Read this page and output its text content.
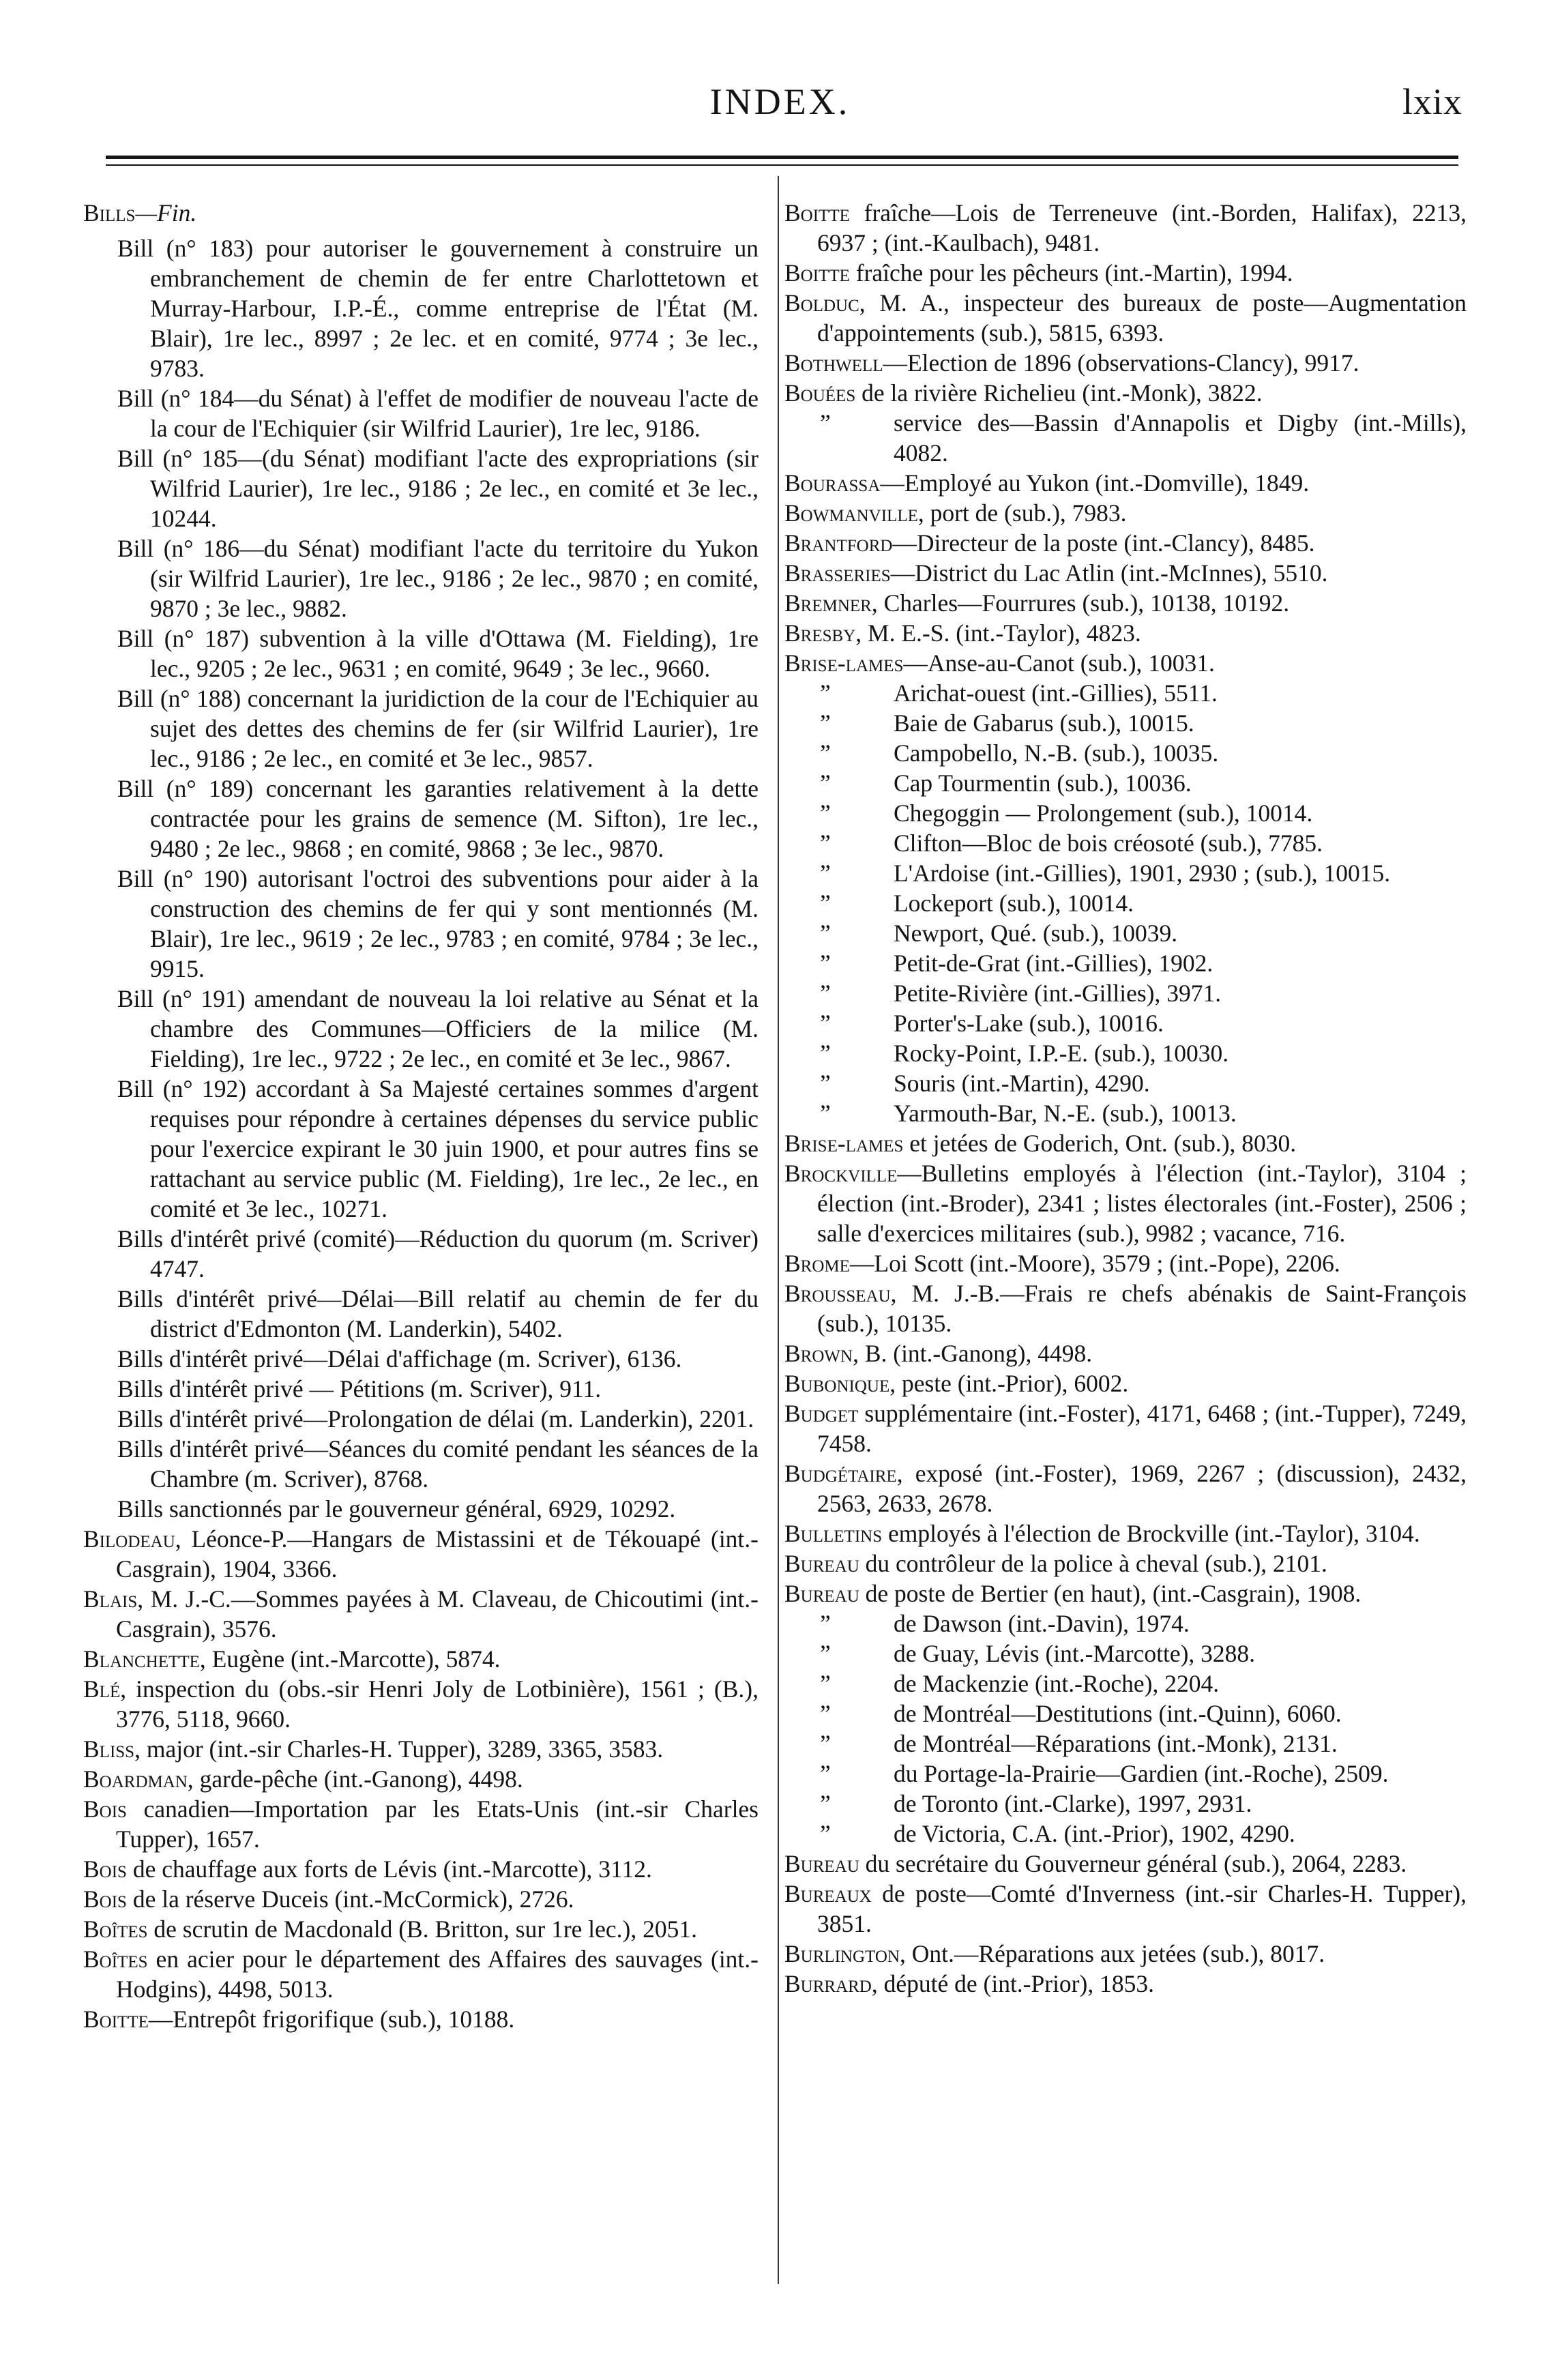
INDEX.	lxix
Bills—Fin.
Bill (n° 183) pour autoriser le gouvernement à construire un embranchement de chemin de fer entre Charlottetown et Murray-Harbour, I.P.-É., comme entreprise de l'État (M. Blair), 1re lec., 8997 ; 2e lec. et en comité, 9774 ; 3e lec., 9783.
Bill (n° 184—du Sénat) à l'effet de modifier de nouveau l'acte de la cour de l'Echiquier (sir Wilfrid Laurier), 1re lec, 9186.
Bill (n° 185—(du Sénat) modifiant l'acte des expropriations (sir Wilfrid Laurier), 1re lec., 9186 ; 2e lec., en comité et 3e lec., 10244.
Bill (n° 186—du Sénat) modifiant l'acte du territoire du Yukon (sir Wilfrid Laurier), 1re lec., 9186 ; 2e lec., 9870 ; en comité, 9870 ; 3e lec., 9882.
Bill (n° 187) subvention à la ville d'Ottawa (M. Fielding), 1re lec., 9205 ; 2e lec., 9631 ; en comité, 9649 ; 3e lec., 9660.
Bill (n° 188) concernant la juridiction de la cour de l'Echiquier au sujet des dettes des chemins de fer (sir Wilfrid Laurier), 1re lec., 9186 ; 2e lec., en comité et 3e lec., 9857.
Bill (n° 189) concernant les garanties relativement à la dette contractée pour les grains de semence (M. Sifton), 1re lec., 9480 ; 2e lec., 9868 ; en comité, 9868 ; 3e lec., 9870.
Bill (n° 190) autorisant l'octroi des subventions pour aider à la construction des chemins de fer qui y sont mentionnés (M. Blair), 1re lec., 9619 ; 2e lec., 9783 ; en comité, 9784 ; 3e lec., 9915.
Bill (n° 191) amendant de nouveau la loi relative au Sénat et la chambre des Communes—Officiers de la milice (M. Fielding), 1re lec., 9722 ; 2e lec., en comité et 3e lec., 9867.
Bill (n° 192) accordant à Sa Majesté certaines sommes d'argent requises pour répondre à certaines dépenses du service public pour l'exercice expirant le 30 juin 1900, et pour autres fins se rattachant au service public (M. Fielding), 1re lec., 2e lec., en comité et 3e lec., 10271.
Bills d'intérêt privé (comité)—Réduction du quorum (m. Scriver) 4747.
Bills d'intérêt privé—Délai—Bill relatif au chemin de fer du district d'Edmonton (M. Landerkin), 5402.
Bills d'intérêt privé—Délai d'affichage (m. Scriver), 6136.
Bills d'intérêt privé — Pétitions (m. Scriver), 911.
Bills d'intérêt privé—Prolongation de délai (m. Landerkin), 2201.
Bills d'intérêt privé—Séances du comité pendant les séances de la Chambre (m. Scriver), 8768.
Bills sanctionnés par le gouverneur général, 6929, 10292.
Bilodeau, Léonce-P.—Hangars de Mistassini et de Tékouapé (int.-Casgrain), 1904, 3366.
Blais, M. J.-C.—Sommes payées à M. Claveau, de Chicoutimi (int.-Casgrain), 3576.
Blanchette, Eugène (int.-Marcotte), 5874.
Blé, inspection du (obs.-sir Henri Joly de Lotbinière), 1561 ; (B.), 3776, 5118, 9660.
Bliss, major (int.-sir Charles-H. Tupper), 3289, 3365, 3583.
Boardman, garde-pêche (int.-Ganong), 4498.
Bois canadien—Importation par les Etats-Unis (int.-sir Charles Tupper), 1657.
Bois de chauffage aux forts de Lévis (int.-Marcotte), 3112.
Bois de la réserve Duceis (int.-McCormick), 2726.
Boîtes de scrutin de Macdonald (B. Britton, sur 1re lec.), 2051.
Boîtes en acier pour le département des Affaires des sauvages (int.-Hodgins), 4498, 5013.
Boitte—Entrepôt frigorifique (sub.), 10188.
Boitte fraîche—Lois de Terreneuve (int.-Borden, Halifax), 2213, 6937 ; (int.-Kaulbach), 9481.
Boitte fraîche pour les pêcheurs (int.-Martin), 1994.
Bolduc, M. A., inspecteur des bureaux de poste—Augmentation d'appointements (sub.), 5815, 6393.
Bothwell—Election de 1896 (observations-Clancy), 9917.
Bouées de la rivière Richelieu (int.-Monk), 3822.
”	service des—Bassin d'Annapolis et Digby (int.-Mills), 4082.
Bourassa—Employé au Yukon (int.-Domville), 1849.
Bowmanville, port de (sub.), 7983.
Brantford—Directeur de la poste (int.-Clancy), 8485.
Brasseries—District du Lac Atlin (int.-McInnes), 5510.
Bremner, Charles—Fourrures (sub.), 10138, 10192.
Bresby, M. E.-S. (int.-Taylor), 4823.
Brise-lames—Anse-au-Canot (sub.), 10031.
”	Arichat-ouest (int.-Gillies), 5511.
”	Baie de Gabarus (sub.), 10015.
”	Campobello, N.-B. (sub.), 10035.
”	Cap Tourmentin (sub.), 10036.
”	Chegoggin — Prolongement (sub.), 10014.
”	Clifton—Bloc de bois créosoté (sub.), 7785.
”	L'Ardoise (int.-Gillies), 1901, 2930 ; (sub.), 10015.
”	Lockeport (sub.), 10014.
”	Newport, Qué. (sub.), 10039.
”	Petit-de-Grat (int.-Gillies), 1902.
”	Petite-Rivière (int.-Gillies), 3971.
”	Porter's-Lake (sub.), 10016.
”	Rocky-Point, I.P.-E. (sub.), 10030.
”	Souris (int.-Martin), 4290.
”	Yarmouth-Bar, N.-E. (sub.), 10013.
Brise-lames et jetées de Goderich, Ont. (sub.), 8030.
Brockville—Bulletins employés à l'élection (int.-Taylor), 3104 ; élection (int.-Broder), 2341 ; listes électorales (int.-Foster), 2506 ; salle d'exercices militaires (sub.), 9982 ; vacance, 716.
Brome—Loi Scott (int.-Moore), 3579 ; (int.-Pope), 2206.
Brousseau, M. J.-B.—Frais re chefs abénakis de Saint-François (sub.), 10135.
Brown, B. (int.-Ganong), 4498.
Bubonique, peste (int.-Prior), 6002.
Budget supplémentaire (int.-Foster), 4171, 6468 ; (int.-Tupper), 7249, 7458.
Budgétaire, exposé (int.-Foster), 1969, 2267 ; (discussion), 2432, 2563, 2633, 2678.
Bulletins employés à l'élection de Brockville (int.-Taylor), 3104.
Bureau du contrôleur de la police à cheval (sub.), 2101.
Bureau de poste de Bertier (en haut), (int.-Casgrain), 1908.
”	de Dawson (int.-Davin), 1974.
”	de Guay, Lévis (int.-Marcotte), 3288.
”	de Mackenzie (int.-Roche), 2204.
”	de Montréal—Destitutions (int.-Quinn), 6060.
”	de Montréal—Réparations (int.-Monk), 2131.
”	du Portage-la-Prairie—Gardien (int.-Roche), 2509.
”	de Toronto (int.-Clarke), 1997, 2931.
”	de Victoria, C.A. (int.-Prior), 1902, 4290.
Bureau du secrétaire du Gouverneur général (sub.), 2064, 2283.
Bureaux de poste—Comté d'Inverness (int.-sir Charles-H. Tupper), 3851.
Burlington, Ont.—Réparations aux jetées (sub.), 8017.
Burrard, député de (int.-Prior), 1853.
